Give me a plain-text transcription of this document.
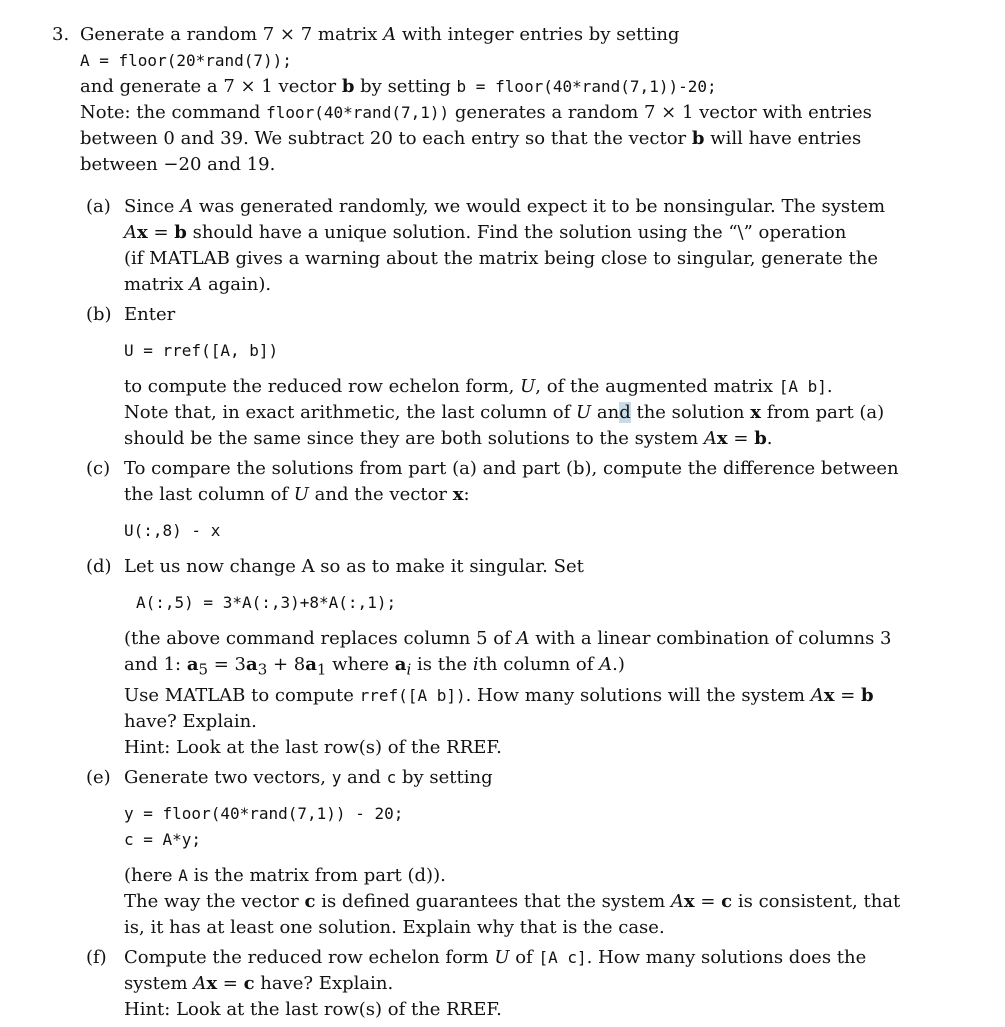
3. Generate a random 7 × 7 matrix A with integer entries by setting
A = floor(20*rand(7));
and generate a 7 × 1 vector b by setting b = floor(40*rand(7,1))-20;
Note: the command floor(40*rand(7,1)) generates a random 7 × 1 vector with entries
between 0 and 39. We subtract 20 to each entry so that the vector b will have entries
between −20 and 19.
(a) Since A was generated randomly, we would expect it to be nonsingular. The system
Ax = b should have a unique solution. Find the solution using the “\” operation
(if MATLAB gives a warning about the matrix being close to singular, generate the
matrix A again).
(b) Enter
U = rref([A, b])
to compute the reduced row echelon form, U, of the augmented matrix [A b].
Note that, in exact arithmetic, the last column of U and the solution x from part (a)
should be the same since they are both solutions to the system Ax = b.
(c) To compare the solutions from part (a) and part (b), compute the difference between
the last column of U and the vector x:
U(:,8) - x
(d) Let us now change A so as to make it singular. Set
A(:,5) = 3*A(:,3)+8*A(:,1);
(the above command replaces column 5 of A with a linear combination of columns 3
and 1: $a_5 = 3a_3 + 8a_1$ where $a_i$ is the ith column of A.)
Use MATLAB to compute rref([A b]). How many solutions will the system Ax = b
have? Explain.
Hint: Look at the last row(s) of the RREF.
(e) Generate two vectors, y and c by setting
y = floor(40*rand(7,1)) - 20;
c = A*y;
(here A is the matrix from part (d)).
The way the vector c is defined guarantees that the system Ax = c is consistent, that
is, it has at least one solution. Explain why that is the case.
(f) Compute the reduced row echelon form U of [A c]. How many solutions does the
system Ax = c have? Explain.
Hint: Look at the last row(s) of the RREF.
